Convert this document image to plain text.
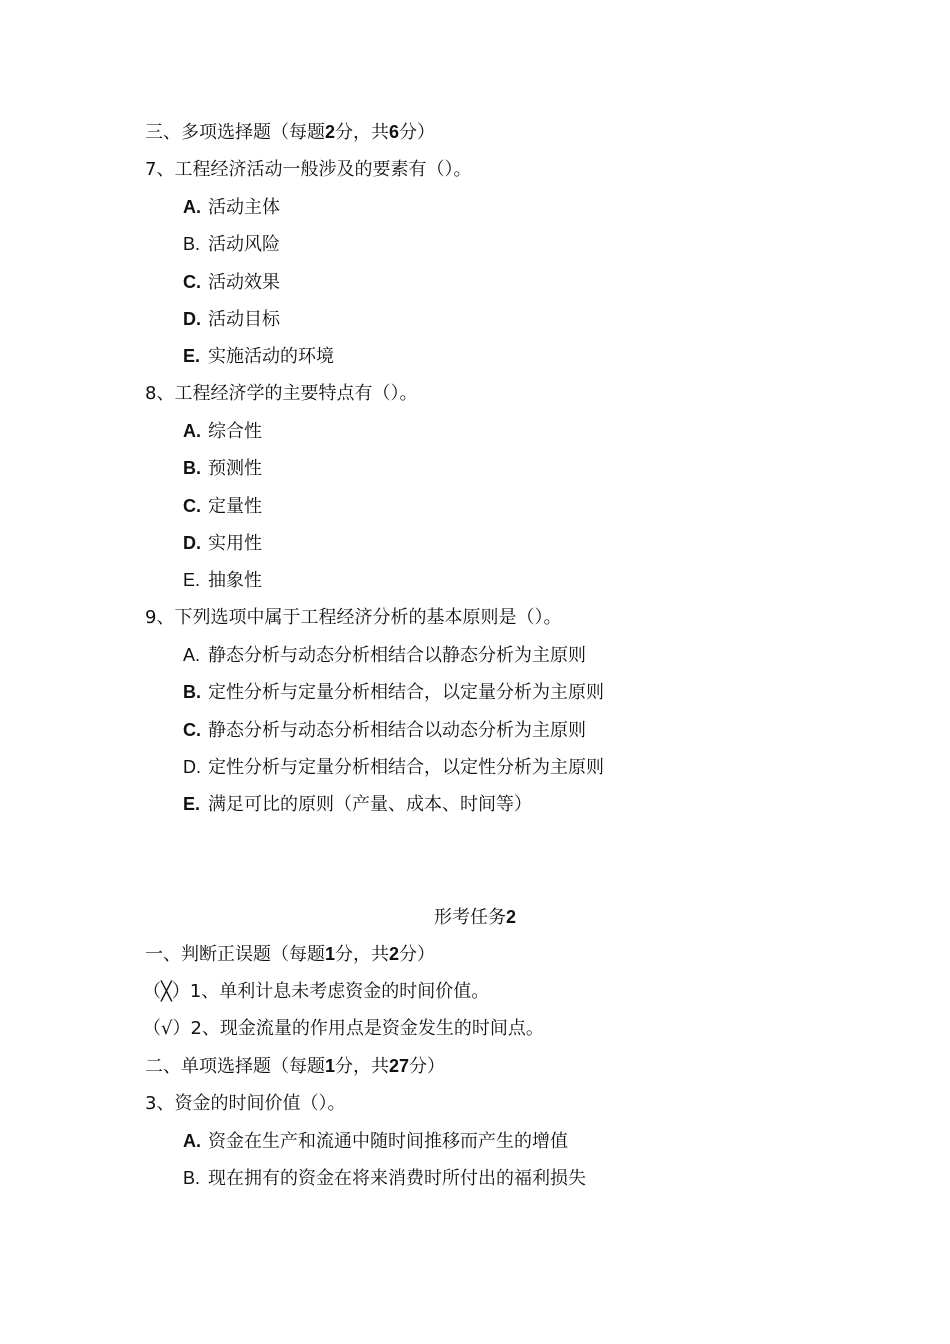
三、多项选择题（每题2分，共6分）
7、工程经济活动一般涉及的要素有（）。
A. 活动主体
B. 活动风险
C. 活动效果
D. 活动目标
E. 实施活动的环境
8、工程经济学的主要特点有（）。
A. 综合性
B. 预测性
C. 定量性
D. 实用性
E. 抽象性
9、下列选项中属于工程经济分析的基本原则是（）。
A. 静态分析与动态分析相结合以静态分析为主原则
B. 定性分析与定量分析相结合，以定量分析为主原则
C. 静态分析与动态分析相结合以动态分析为主原则
D. 定性分析与定量分析相结合，以定性分析为主原则
E. 满足可比的原则（产量、成本、时间等）
形考任务2
一、判断正误题（每题1分，共2分）
（╳）1、单利计息未考虑资金的时间价值。
（√）2、现金流量的作用点是资金发生的时间点。
二、单项选择题（每题1分，共27分）
3、资金的时间价值（）。
A. 资金在生产和流通中随时间推移而产生的增值
B. 现在拥有的资金在将来消费时所付出的福利损失
